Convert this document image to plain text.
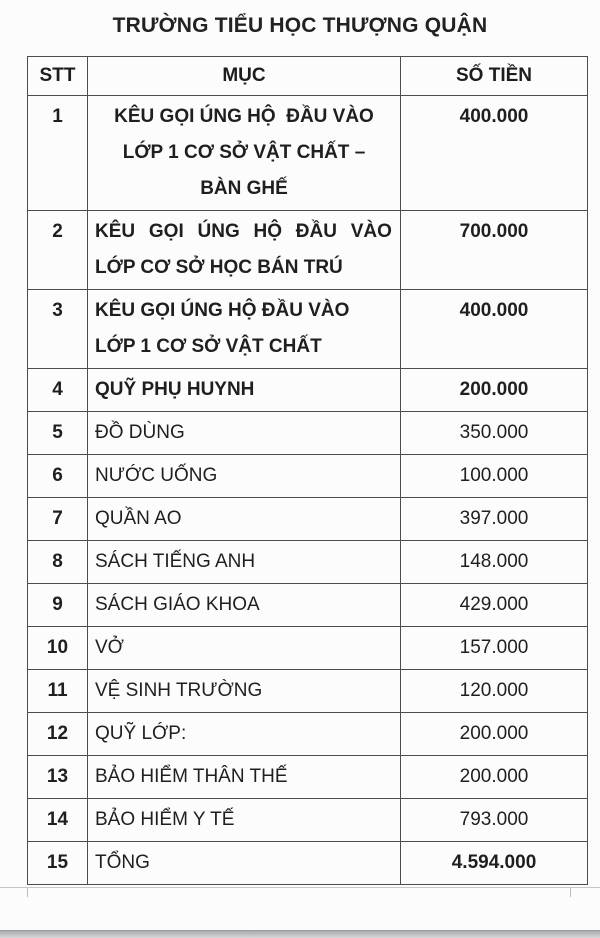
TRƯỜNG TIỂU HỌC THƯỢNG QUẬN
STT	MỤC	SỐ TIỀN
1	KÊU GỌI ÚNG HỘ  ĐẦU VÀO
LỚP 1 CƠ SỞ VẬT CHẤT –
BÀN GHẾ	400.000
2	KÊU GỌI ÚNG HỘ ĐẦU VÀO
LỚP CƠ SỞ HỌC BÁN TRÚ	700.000
3	KÊU GỌI ÚNG HỘ ĐẦU VÀO
LỚP 1 CƠ SỞ VẬT CHẤT	400.000
4	QUỸ PHỤ HUYNH	200.000
5	ĐỒ DÙNG	350.000
6	NƯỚC UỐNG	100.000
7	QUẦN AO	397.000
8	SÁCH TIẾNG ANH	148.000
9	SÁCH GIÁO KHOA	429.000
10	VỞ	157.000
11	VỆ SINH TRƯỜNG	120.000
12	QUỸ LỚP:	200.000
13	BẢO HIỂM THÂN THẾ	200.000
14	BẢO HIỂM Y TẾ	793.000
15	TỔNG	4.594.000
